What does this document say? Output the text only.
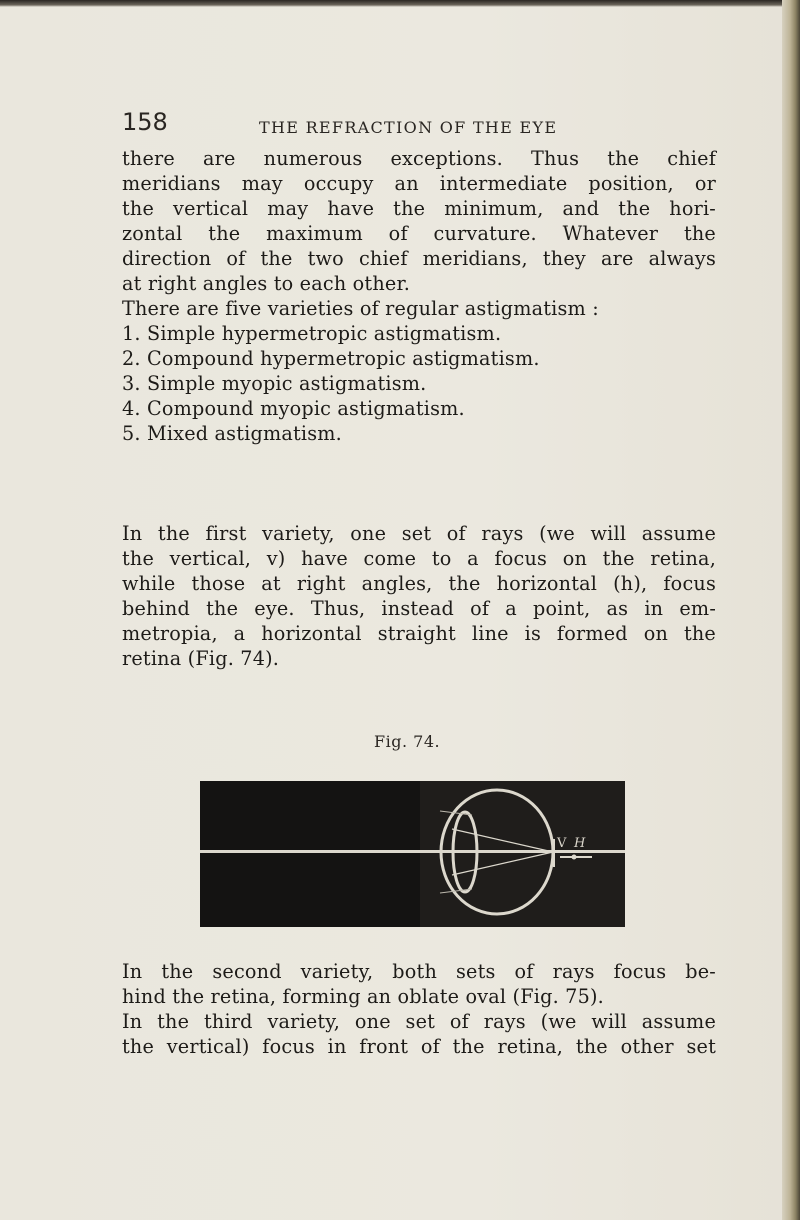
158	THE REFRACTION OF THE EYE
there are numerous exceptions. Thus the chief
meridians may occupy an intermediate position, or
the vertical may have the minimum, and the hori-
zontal the maximum of curvature. Whatever the
direction of the two chief meridians, they are always
at right angles to each other.
There are five varieties of regular astigmatism :
1. Simple hypermetropic astigmatism.
2. Compound hypermetropic astigmatism.
3. Simple myopic astigmatism.
4. Compound myopic astigmatism.
5. Mixed astigmatism.
In the first variety, one set of rays (we will assume
the vertical, v) have come to a focus on the retina,
while those at right angles, the horizontal (h), focus
behind the eye. Thus, instead of a point, as in em-
metropia, a horizontal straight line is formed on the
retina (Fig. 74).
Fig. 74.
V H
In the second variety, both sets of rays focus be-
hind the retina, forming an oblate oval (Fig. 75).
In the third variety, one set of rays (we will assume
the vertical) focus in front of the retina, the other set
